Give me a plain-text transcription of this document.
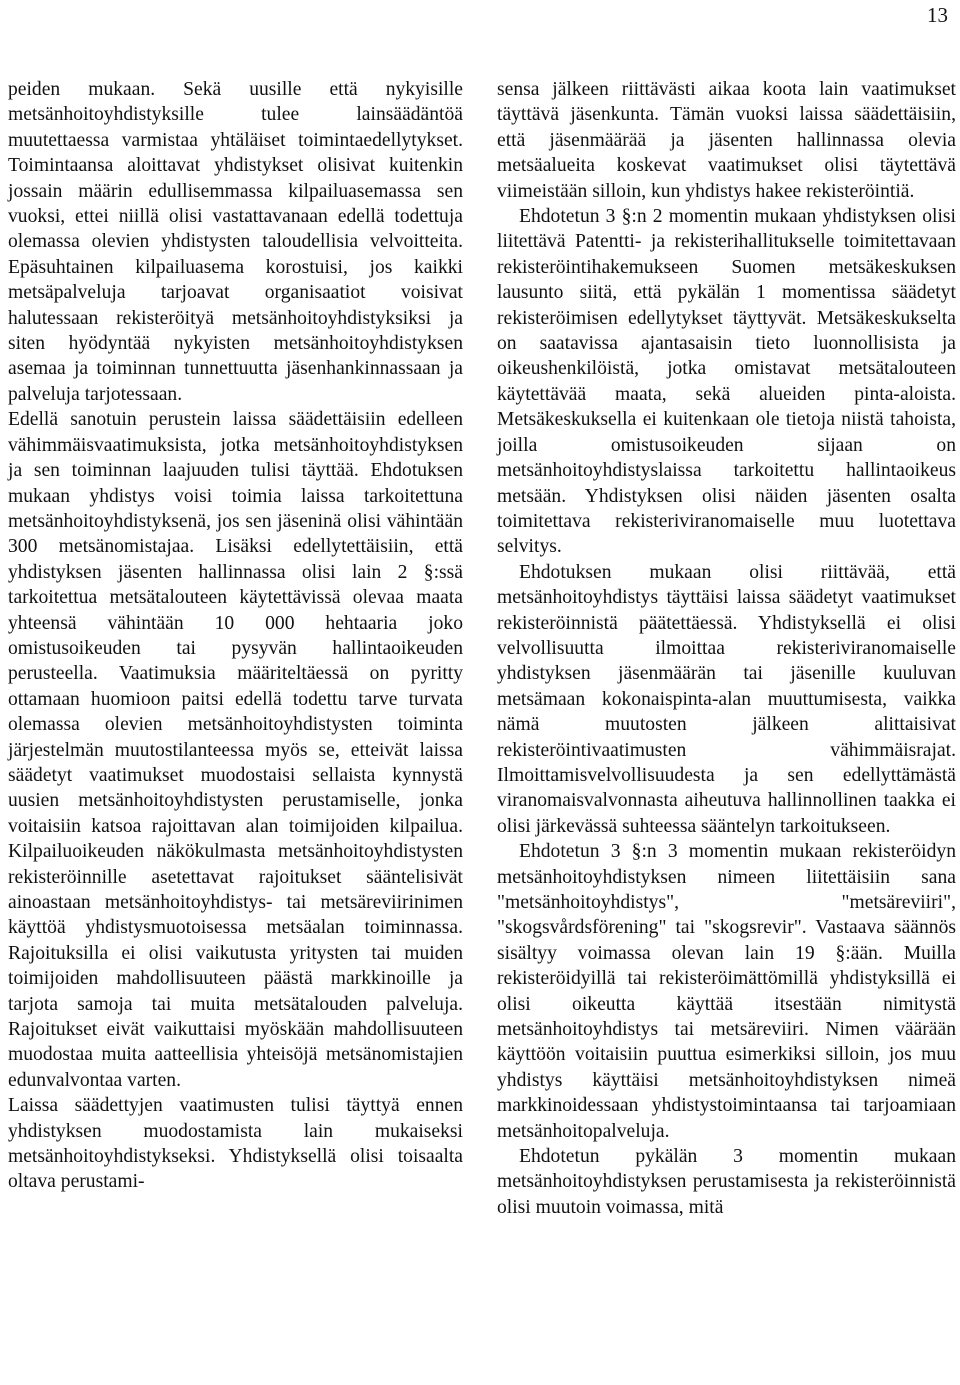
13

peiden mukaan. Sekä uusille että nykyisille metsänhoitoyhdistyksille tulee lainsäädäntöä muutettaessa varmistaa yhtäläiset toimintaedellytykset. Toimintaansa aloittavat yhdistykset olisivat kuitenkin jossain määrin edullisemmassa kilpailuasemassa sen vuoksi, ettei niillä olisi vastattavanaan edellä todettuja olemassa olevien yhdistysten taloudellisia velvoitteita. Epäsuhtainen kilpailuasema korostuisi, jos kaikki metsäpalveluja tarjoavat organisaatiot voisivat halutessaan rekisteröityä metsänhoitoyhdistyksiksi ja siten hyödyntää nykyisten metsänhoitoyhdistyksen asemaa ja toiminnan tunnettuutta jäsenhankinnassaan ja palveluja tarjotessaan.

Edellä sanotuin perustein laissa säädettäisiin edelleen vähimmäisvaatimuksista, jotka metsänhoitoyhdistyksen ja sen toiminnan laajuuden tulisi täyttää. Ehdotuksen mukaan yhdistys voisi toimia laissa tarkoitettuna metsänhoitoyhdistyksenä, jos sen jäseninä olisi vähintään 300 metsänomistajaa. Lisäksi edellytettäisiin, että yhdistyksen jäsenten hallinnassa olisi lain 2 §:ssä tarkoitettua metsätalouteen käytettävissä olevaa maata yhteensä vähintään 10 000 hehtaaria joko omistusoikeuden tai pysyvän hallintaoikeuden perusteella. Vaatimuksia määriteltäessä on pyritty ottamaan huomioon paitsi edellä todettu tarve turvata olemassa olevien metsänhoitoyhdistysten toiminta järjestelmän muutostilanteessa myös se, etteivät laissa säädetyt vaatimukset muodostaisi sellaista kynnystä uusien metsänhoitoyhdistysten perustamiselle, jonka voitaisiin katsoa rajoittavan alan toimijoiden kilpailua. Kilpailuoikeuden näkökulmasta metsänhoitoyhdistysten rekisteröinnille asetettavat rajoitukset sääntelisivät ainoastaan metsänhoitoyhdistys- tai metsäreviirinimen käyttöä yhdistysmuotoisessa metsäalan toiminnassa. Rajoituksilla ei olisi vaikutusta yritysten tai muiden toimijoiden mahdollisuuteen päästä markkinoille ja tarjota samoja tai muita metsätalouden palveluja. Rajoitukset eivät vaikuttaisi myöskään mahdollisuuteen muodostaa muita aatteellisia yhteisöjä metsänomistajien edunvalvontaa varten.

Laissa säädettyjen vaatimusten tulisi täyttyä ennen yhdistyksen muodostamista lain mukaiseksi metsänhoitoyhdistykseksi. Yhdistyksellä olisi toisaalta oltava perustami-

sensa jälkeen riittävästi aikaa koota lain vaatimukset täyttävä jäsenkunta. Tämän vuoksi laissa säädettäisiin, että jäsenmäärää ja jäsenten hallinnassa olevia metsäalueita koskevat vaatimukset olisi täytettävä viimeistään silloin, kun yhdistys hakee rekisteröintiä.

Ehdotetun 3 §:n 2 momentin mukaan yhdistyksen olisi liitettävä Patentti- ja rekisterihallitukselle toimitettavaan rekisteröintihakemukseen Suomen metsäkeskuksen lausunto siitä, että pykälän 1 momentissa säädetyt rekisteröimisen edellytykset täyttyvät. Metsäkeskukselta on saatavissa ajantasaisin tieto luonnollisista ja oikeushenkilöistä, jotka omistavat metsätalouteen käytettävää maata, sekä alueiden pinta-aloista. Metsäkeskuksella ei kuitenkaan ole tietoja niistä tahoista, joilla omistusoikeuden sijaan on metsänhoitoyhdistyslaissa tarkoitettu hallintaoikeus metsään. Yhdistyksen olisi näiden jäsenten osalta toimitettava rekisteriviranomaiselle muu luotettava selvitys.

Ehdotuksen mukaan olisi riittävää, että metsänhoitoyhdistys täyttäisi laissa säädetyt vaatimukset rekisteröinnistä päätettäessä. Yhdistyksellä ei olisi velvollisuutta ilmoittaa rekisteriviranomaiselle yhdistyksen jäsenmäärän tai jäsenille kuuluvan metsämaan kokonaispinta-alan muuttumisesta, vaikka nämä muutosten jälkeen alittaisivat rekisteröintivaatimusten vähimmäisrajat. Ilmoittamisvelvollisuudesta ja sen edellyttämästä viranomaisvalvonnasta aiheutuva hallinnollinen taakka ei olisi järkevässä suhteessa sääntelyn tarkoitukseen.

Ehdotetun 3 §:n 3 momentin mukaan rekisteröidyn metsänhoitoyhdistyksen nimeen liitettäisiin sana "metsänhoitoyhdistys", "metsäreviiri", "skogsvårdsförening" tai "skogsrevir". Vastaava säännös sisältyy voimassa olevan lain 19 §:ään. Muilla rekisteröidyillä tai rekisteröimättömillä yhdistyksillä ei olisi oikeutta käyttää itsestään nimitystä metsänhoitoyhdistys tai metsäreviiri. Nimen väärään käyttöön voitaisiin puuttua esimerkiksi silloin, jos muu yhdistys käyttäisi metsänhoitoyhdistyksen nimeä markkinoidessaan yhdistystoimintaansa tai tarjoamiaan metsänhoitopalveluja.

Ehdotetun pykälän 3 momentin mukaan metsänhoitoyhdistyksen perustamisesta ja rekisteröinnistä olisi muutoin voimassa, mitä
